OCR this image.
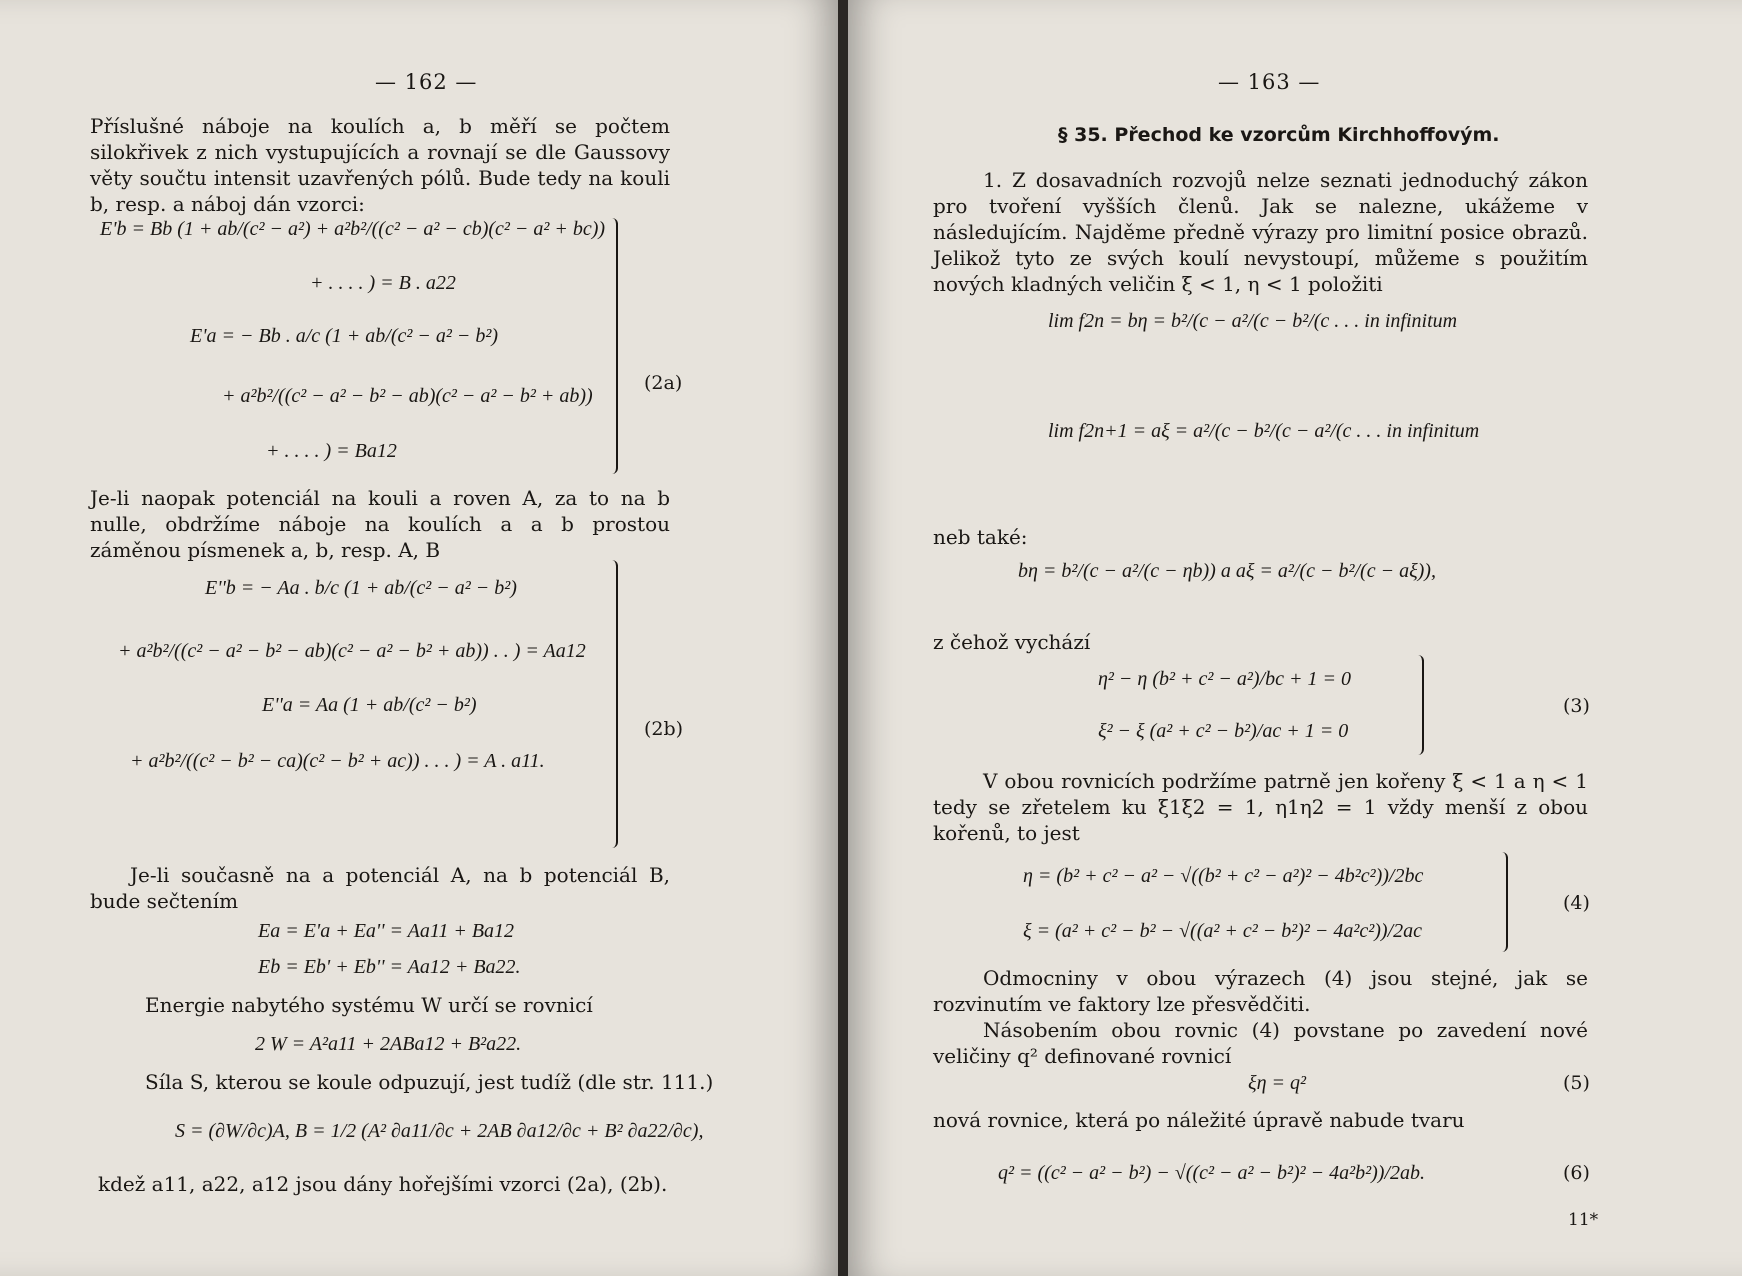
— 162 —
Příslušné náboje na koulích a, b měří se počtem silokřivek z nich vystupujících a rovnají se dle Gaussovy věty součtu intensit uzavřených pólů. Bude tedy na kouli b, resp. a náboj dán vzorci:
E'b = Bb (1 + ab/(c² − a²) + a²b²/((c² − a² − cb)(c² − a² + bc))
+ . . . . ) = B . a22
E'a = − Bb . a/c (1 + ab/(c² − a² − b²)
+ a²b²/((c² − a² − b² − ab)(c² − a² − b² + ab))
+ . . . . ) = Ba12
(2a)
Je-li naopak potenciál na kouli a roven A, za to na b nulle, obdržíme náboje na koulích a a b prostou záměnou písmenek a, b, resp. A, B
E''b = − Aa . b/c (1 + ab/(c² − a² − b²)
+ a²b²/((c² − a² − b² − ab)(c² − a² − b² + ab)) . . ) = Aa12
E''a = Aa (1 + ab/(c² − b²)
+ a²b²/((c² − b² − ca)(c² − b² + ac)) . . . ) = A . a11.
(2b)
Je-li současně na a potenciál A, na b potenciál B, bude sečtením
Ea = E'a + Ea'' = Aa11 + Ba12
Eb = Eb' + Eb'' = Aa12 + Ba22.
Energie nabytého systému W určí se rovnicí
2 W = A²a11 + 2ABa12 + B²a22.
Síla S, kterou se koule odpuzují, jest tudíž (dle str. 111.)
S = (∂W/∂c)A, B = 1/2 (A² ∂a11/∂c + 2AB ∂a12/∂c + B² ∂a22/∂c),
kdež a11, a22, a12 jsou dány hořejšími vzorci (2a), (2b).
— 163 —
§ 35. Přechod ke vzorcům Kirchhoffovým.
1. Z dosavadních rozvojů nelze seznati jednoduchý zákon pro tvoření vyšších členů. Jak se nalezne, ukážeme v následujícím. Najděme předně výrazy pro limitní posice obrazů. Jelikož tyto ze svých koulí nevystoupí, můžeme s použitím nových kladných veličin ξ < 1, η < 1 položiti
lim f2n = bη = b²/(c − a²/(c − b²/(c . . . in infinitum
lim f2n+1 = aξ = a²/(c − b²/(c − a²/(c . . . in infinitum
neb také:
bη = b²/(c − a²/(c − ηb)) a aξ = a²/(c − b²/(c − aξ)),
z čehož vychází
η² − η (b² + c² − a²)/bc + 1 = 0
ξ² − ξ (a² + c² − b²)/ac + 1 = 0
(3)
V obou rovnicích podržíme patrně jen kořeny ξ < 1 a η < 1 tedy se zřetelem ku ξ1ξ2 = 1, η1η2 = 1 vždy menší z obou kořenů, to jest
η = (b² + c² − a² − √((b² + c² − a²)² − 4b²c²))/2bc
ξ = (a² + c² − b² − √((a² + c² − b²)² − 4a²c²))/2ac
(4)
Odmocniny v obou výrazech (4) jsou stejné, jak se rozvinutím ve faktory lze přesvědčiti.
Násobením obou rovnic (4) povstane po zavedení nové veličiny q² definované rovnicí
ξη = q²	(5)
nová rovnice, která po náležité úpravě nabude tvaru
q² = ((c² − a² − b²) − √((c² − a² − b²)² − 4a²b²))/2ab.	(6)
11*
